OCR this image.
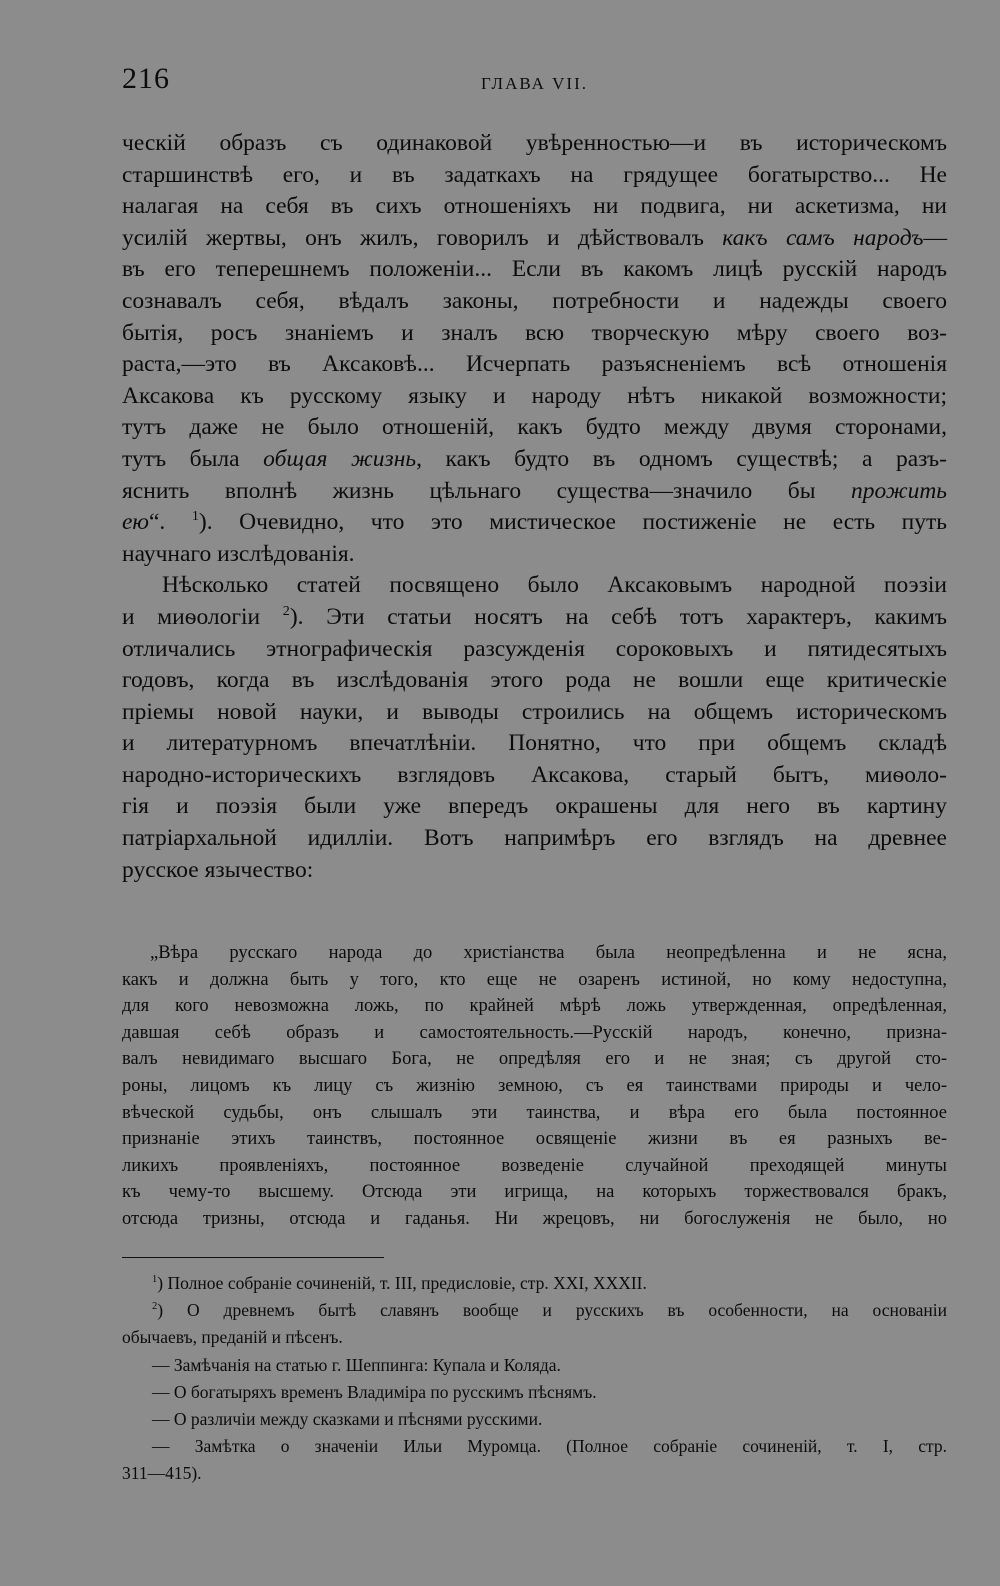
216	ГЛАВА VII.
ческій образъ съ одинаковой увѣренностью—и въ историческомъ
старшинствѣ его, и въ задаткахъ на грядущее богатырство... Не
налагая на себя въ сихъ отношеніяхъ ни подвига, ни аскетизма, ни
усилій жертвы, онъ жилъ, говорилъ и дѣйствовалъ какъ самъ народъ—
въ его теперешнемъ положеніи... Если въ какомъ лицѣ русскій народъ
сознавалъ себя, вѣдалъ законы, потребности и надежды своего
бытія, росъ знаніемъ и зналъ всю творческую мѣру своего воз-
раста,—это въ Аксаковѣ... Исчерпать разъясненіемъ всѣ отношенія
Аксакова къ русскому языку и народу нѣтъ никакой возможности;
тутъ даже не было отношеній, какъ будто между двумя сторонами,
тутъ была общая жизнь, какъ будто въ одномъ существѣ; а разъ-
яснить вполнѣ жизнь цѣльнаго существа—значило бы прожить
ею“. $^1$). Очевидно, что это мистическое постиженіе не есть путь
научнаго изслѣдованія.
Нѣсколько статей посвящено было Аксаковымъ народной поэзіи
и миѳологіи $^2$). Эти статьи носятъ на себѣ тотъ характеръ, какимъ
отличались этнографическія разсужденія сороковыхъ и пятидесятыхъ
годовъ, когда въ изслѣдованія этого рода не вошли еще критическіе
пріемы новой науки, и выводы строились на общемъ историческомъ
и литературномъ впечатлѣніи. Понятно, что при общемъ складѣ
народно-историческихъ взглядовъ Аксакова, старый бытъ, миѳоло-
гія и поэзія были уже впередъ окрашены для него въ картину
патріархальной идилліи. Вотъ напримѣръ его взглядъ на древнее
русское язычество:
„Вѣра русскаго народа до христіанства была неопредѣленна и не ясна,
какъ и должна быть у того, кто еще не озаренъ истиной, но кому недоступна,
для кого невозможна ложь, по крайней мѣрѣ ложь утвержденная, опредѣленная,
давшая себѣ образъ и самостоятельность.—Русскій народъ, конечно, призна-
валъ невидимаго высшаго Бога, не опредѣляя его и не зная; съ другой сто-
роны, лицомъ къ лицу съ жизнію земною, съ ея таинствами природы и чело-
вѣческой судьбы, онъ слышалъ эти таинства, и вѣра его была постоянное
признаніе этихъ таинствъ, постоянное освященіе жизни въ ея разныхъ ве-
ликихъ проявленіяхъ, постоянное возведеніе случайной преходящей минуты
къ чему-то высшему. Отсюда эти игрища, на которыхъ торжествовался бракъ,
отсюда тризны, отсюда и гаданья. Ни жрецовъ, ни богослуженія не было, но
$^1$) Полное собраніе сочиненій, т. III, предисловіе, стр. XXI, XXXII.
$^2$) О древнемъ бытѣ славянъ вообще и русскихъ въ особенности, на основаніи
обычаевъ, преданій и пѣсенъ.
— Замѣчанія на статью г. Шеппинга: Купала и Коляда.
— О богатыряхъ временъ Владиміра по русскимъ пѣснямъ.
— О различіи между сказками и пѣснями русскими.
— Замѣтка о значеніи Ильи Муромца. (Полное собраніе сочиненій, т. I, стр.
311—415).
